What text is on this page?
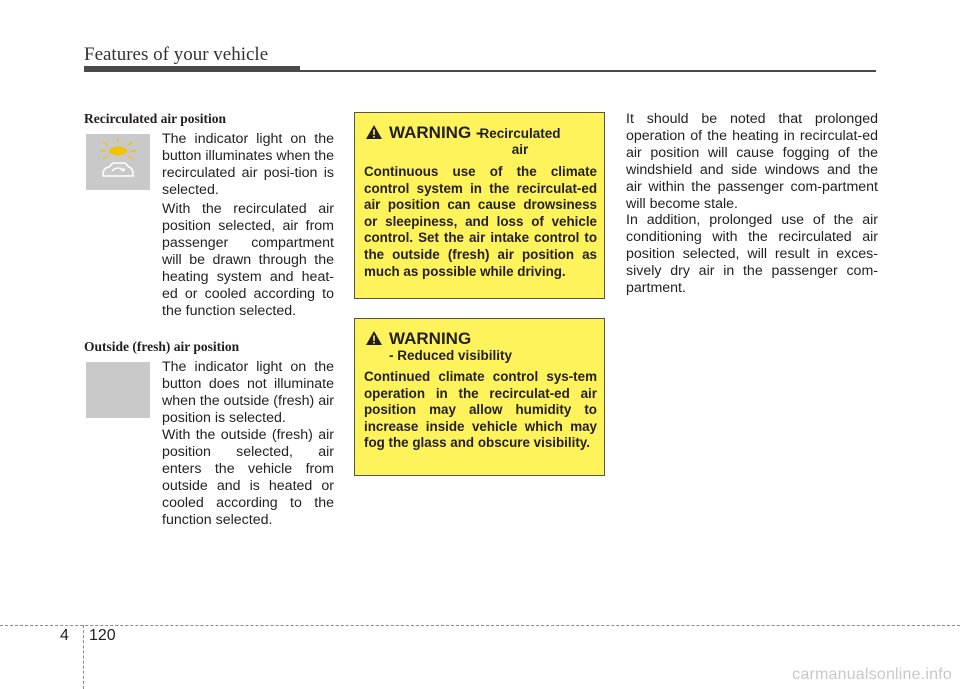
Features of your vehicle
Recirculated air position

The indicator light on the button illuminates when the recirculated air posi-tion is selected.

With the recirculated air position selected, air from passenger compartment will be drawn through the heating system and heat-ed or cooled according to the function selected.

Outside (fresh) air position

The indicator light on the button does not illuminate when the outside (fresh) air position is selected.

With the outside (fresh) air position selected, air enters the vehicle from outside and is heated or cooled according to the function selected.

WARNING -
Recirculated air

Continuous use of the climate control system in the recirculat-ed air position can cause drowsiness or sleepiness, and loss of vehicle control. Set the air intake control to the outside (fresh) air position as much as possible while driving.

WARNING
- Reduced visibility

Continued climate control sys-tem operation in the recirculat-ed air position may allow humidity to increase inside vehicle which may fog the glass and obscure visibility.

It should be noted that prolonged operation of the heating in recirculat-ed air position will cause fogging of the windshield and side windows and the air within the passenger com-partment will become stale.

In addition, prolonged use of the air conditioning with the recirculated air position selected, will result in exces-sively dry air in the passenger com-partment.

4 120
carmanualsonline.info
